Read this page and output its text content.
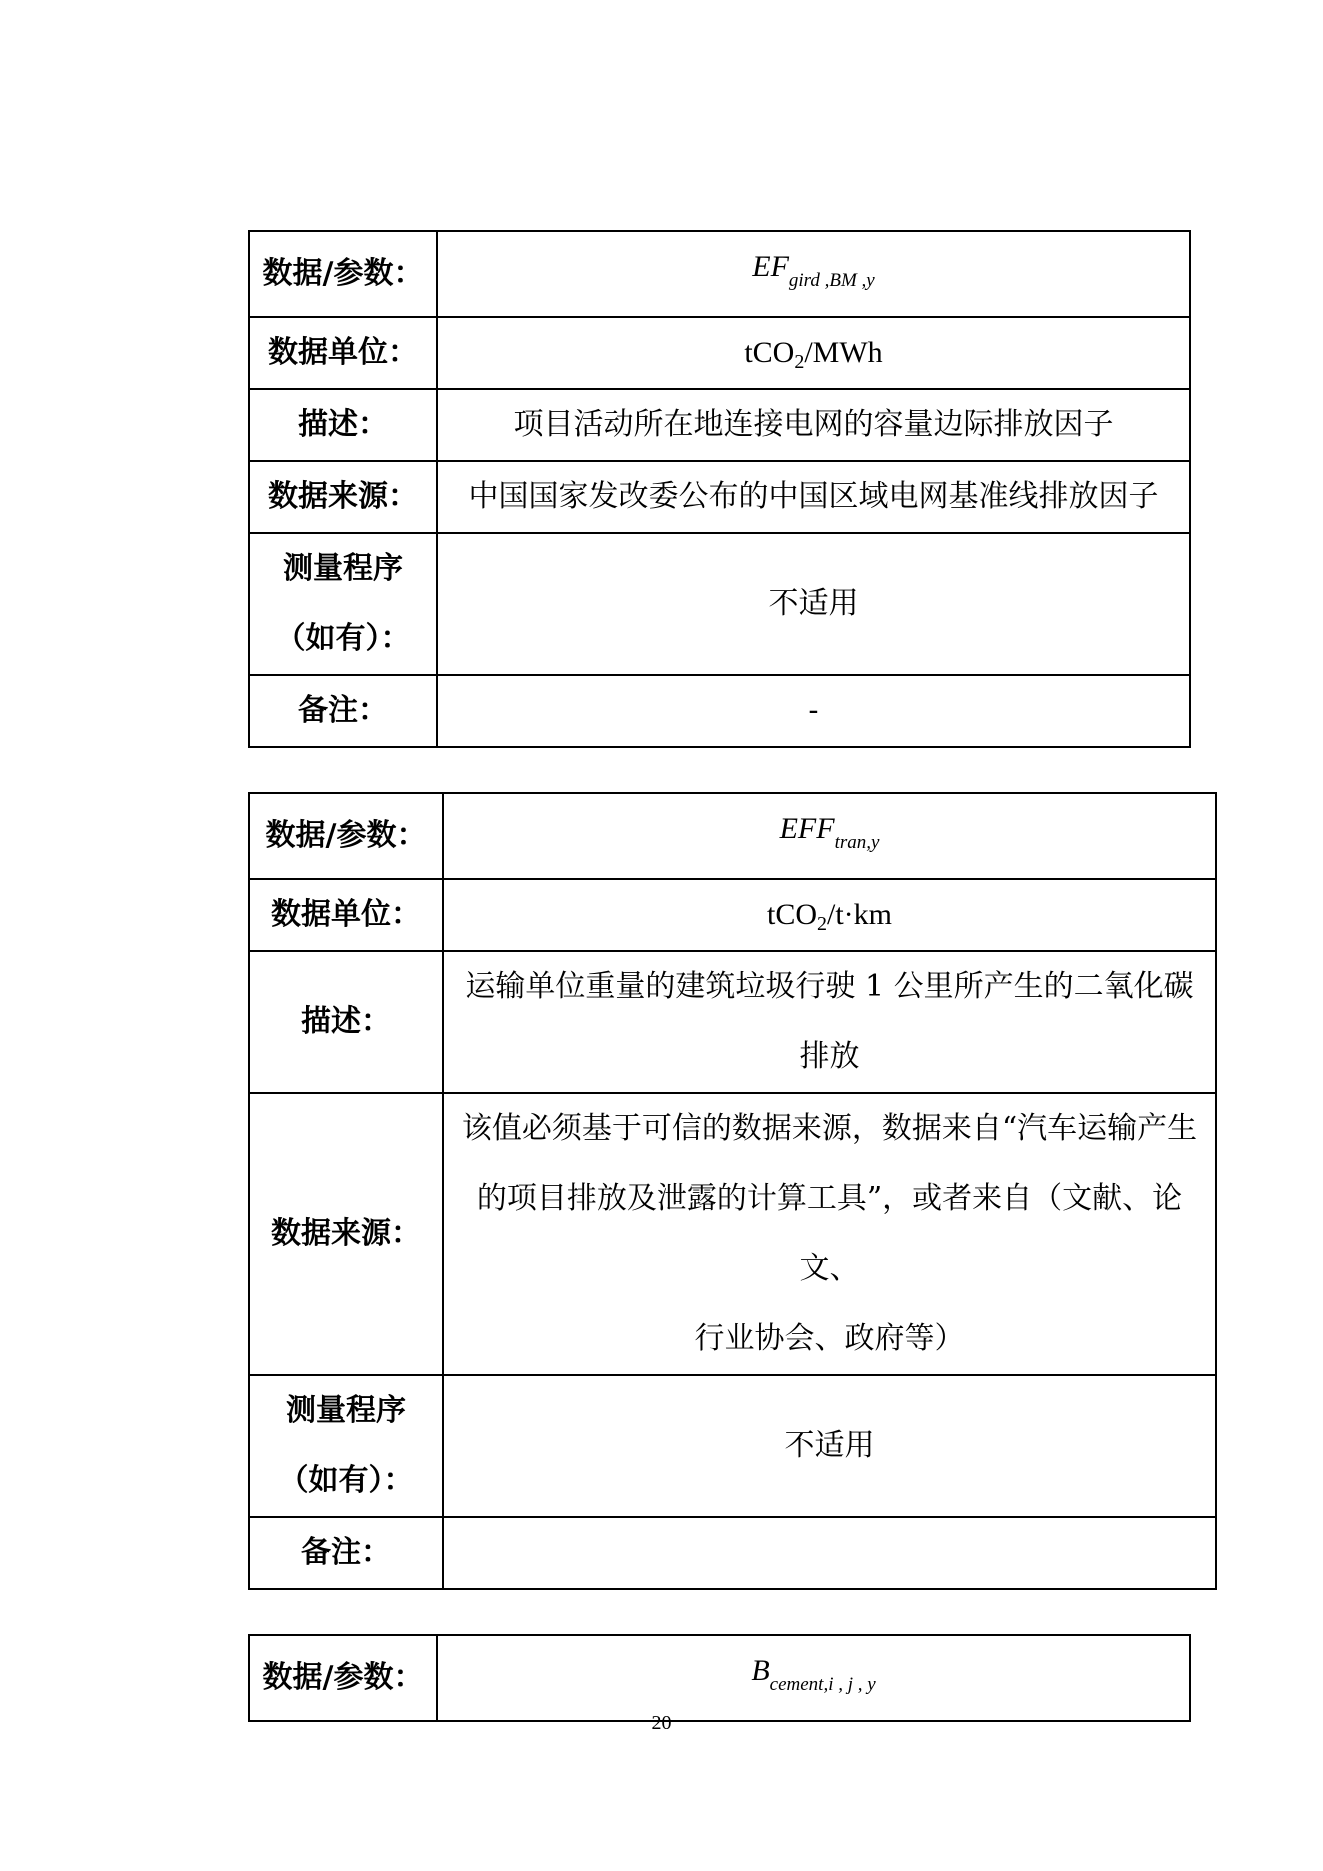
数据/参数：	$EF_{gird ,BM ,y}$
数据单位：	tCO$_2$/MWh
描述：	项目活动所在地连接电网的容量边际排放因子
数据来源：	中国国家发改委公布的中国区域电网基准线排放因子

测量程序
（如有）：	不适用
备注：	-
数据/参数：	$EFF_{tran,y}$
数据单位：	tCO$_2$/t·km
描述：	运输单位重量的建筑垃圾行驶 1 公里所产生的二氧化碳
排放

数据来源：	该值必须基于可信的数据来源，数据来自“汽车运输产生
的项目排放及泄露的计算工具”，或者来自（文献、论文、
行业协会、政府等）

测量程序
（如有）：	不适用
备注：	
数据/参数：	$B_{cement,i , j , y}$
20
